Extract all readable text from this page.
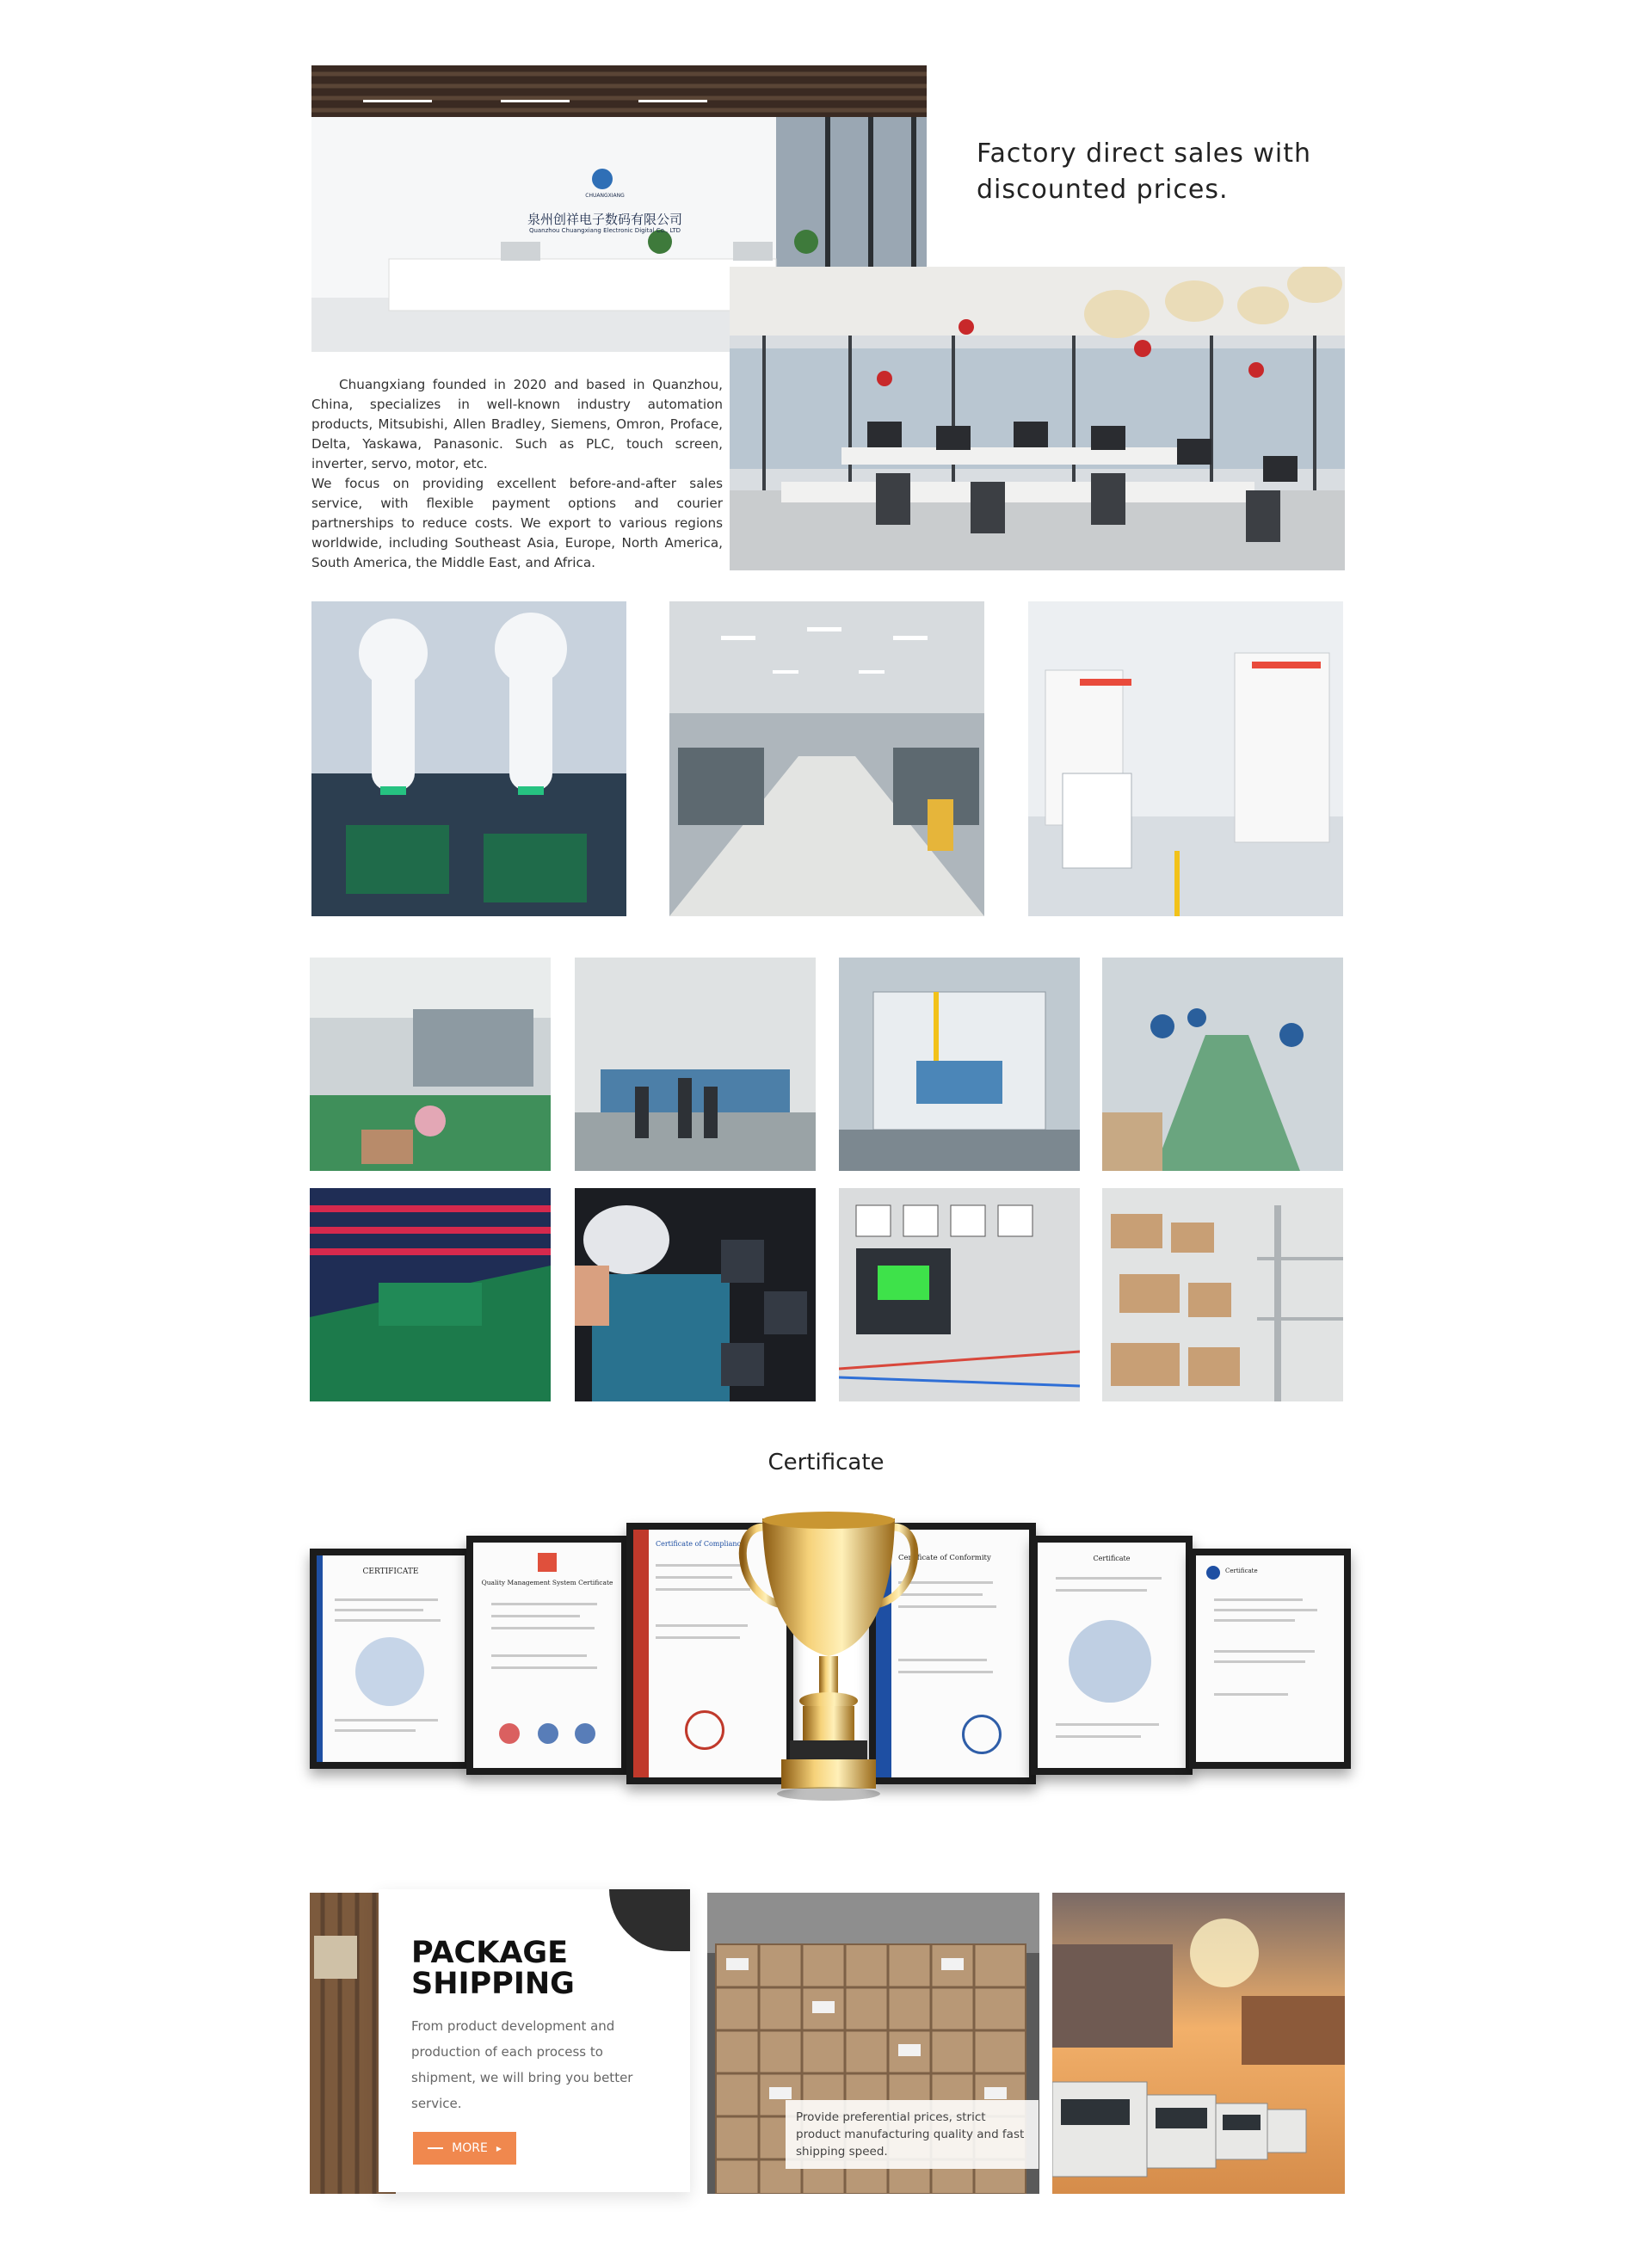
泉州创祥电子数码有限公司
Quanzhou Chuangxiang Electronic Digital Co., LTD
CHUANGXIANG
Factory direct sales with discounted prices.

Chuangxiang founded in 2020 and based in Quanzhou, China, specializes in well-known industry automation products, Mitsubishi, Allen Bradley, Siemens, Omron, Proface, Delta, Yaskawa, Panasonic. Such as PLC, touch screen, inverter, servo, motor, etc.

We focus on providing excellent before-and-after sales service, with flexible payment options and courier partnerships to reduce costs. We export to various regions worldwide, including Southeast Asia, Europe, North America, South America, the Middle East, and Africa.

Certificate
CERTIFICATE
Quality Management System Certificate
Certificate of Compliance
Certificate of Conformity	Certificate
Certificate
PACKAGE
SHIPPING
From product development and production of each process to shipment, we will bring you better service.
MORE ▸
Provide preferential prices, strict product manufacturing quality and fast shipping speed.
